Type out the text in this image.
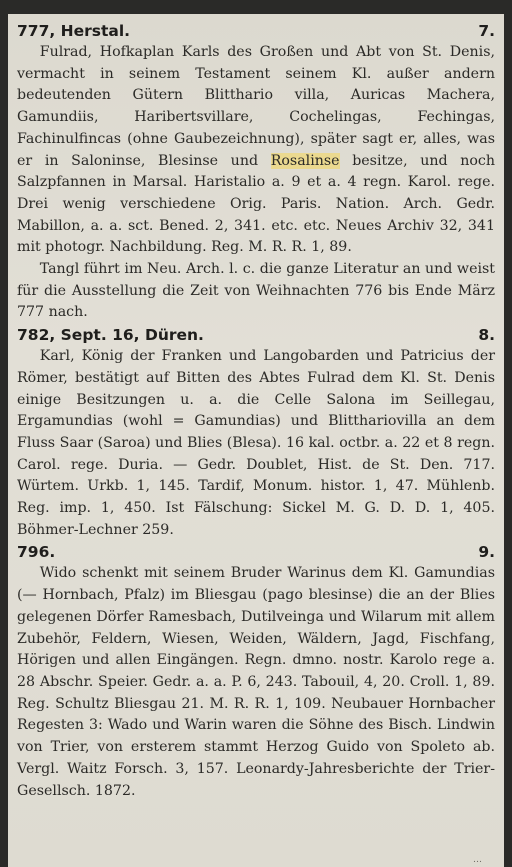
777, Herstal.	7.

Fulrad, Hofkaplan Karls des Großen und Abt von St. Denis, vermacht in seinem Testament seinem Kl. außer andern bedeutenden Gütern Blitthario villa, Auricas Machera, Gamundiis, Haribertsvillare, Cochelingas, Fechingas, Fachinulfincas (ohne Gaubezeichnung), später sagt er, alles, was er in Saloninse, Blesinse und Rosalinse besitze, und noch Salzpfannen in Marsal. Haristalio a. 9 et a. 4 regn. Karol. rege. Drei wenig verschiedene Orig. Paris. Nation. Arch. Gedr. Mabillon, a. a. sct. Bened. 2, 341. etc. etc. Neues Archiv 32, 341 mit photogr. Nachbildung. Reg. M. R. R. 1, 89.

Tangl führt im Neu. Arch. l. c. die ganze Literatur an und weist für die Ausstellung die Zeit von Weihnachten 776 bis Ende März 777 nach.

782, Sept. 16, Düren.	8.

Karl, König der Franken und Langobarden und Patricius der Römer, bestätigt auf Bitten des Abtes Fulrad dem Kl. St. Denis einige Besitzungen u. a. die Celle Salona im Seillegau, Ergamundias (wohl = Gamundias) und Blitthariovilla an dem Fluss Saar (Saroa) und Blies (Blesa). 16 kal. octbr. a. 22 et 8 regn. Carol. rege. Duria. — Gedr. Doublet, Hist. de St. Den. 717. Würtem. Urkb. 1, 145. Tardif, Monum. histor. 1, 47. Mühlenb. Reg. imp. 1, 450. Ist Fälschung: Sickel M. G. D. D. 1, 405. Böhmer-Lechner 259.

796.	9.

Wido schenkt mit seinem Bruder Warinus dem Kl. Gamundias (— Hornbach, Pfalz) im Bliesgau (pago blesinse) die an der Blies gelegenen Dörfer Ramesbach, Dutilveinga und Wilarum mit allem Zubehör, Feldern, Wiesen, Weiden, Wäldern, Jagd, Fischfang, Hörigen und allen Eingängen. Regn. dmno. nostr. Karolo rege a. 28 Abschr. Speier. Gedr. a. a. P. 6, 243. Tabouil, 4, 20. Croll. 1, 89. Reg. Schultz Bliesgau 21. M. R. R. 1, 109. Neubauer Hornbacher Regesten 3: Wado und Warin waren die Söhne des Bisch. Lindwin von Trier, von ersterem stammt Herzog Guido von Spoleto ab. Vergl. Waitz Forsch. 3, 157. Leonardy-Jahresberichte der Trier-Gesellsch. 1872.

…
